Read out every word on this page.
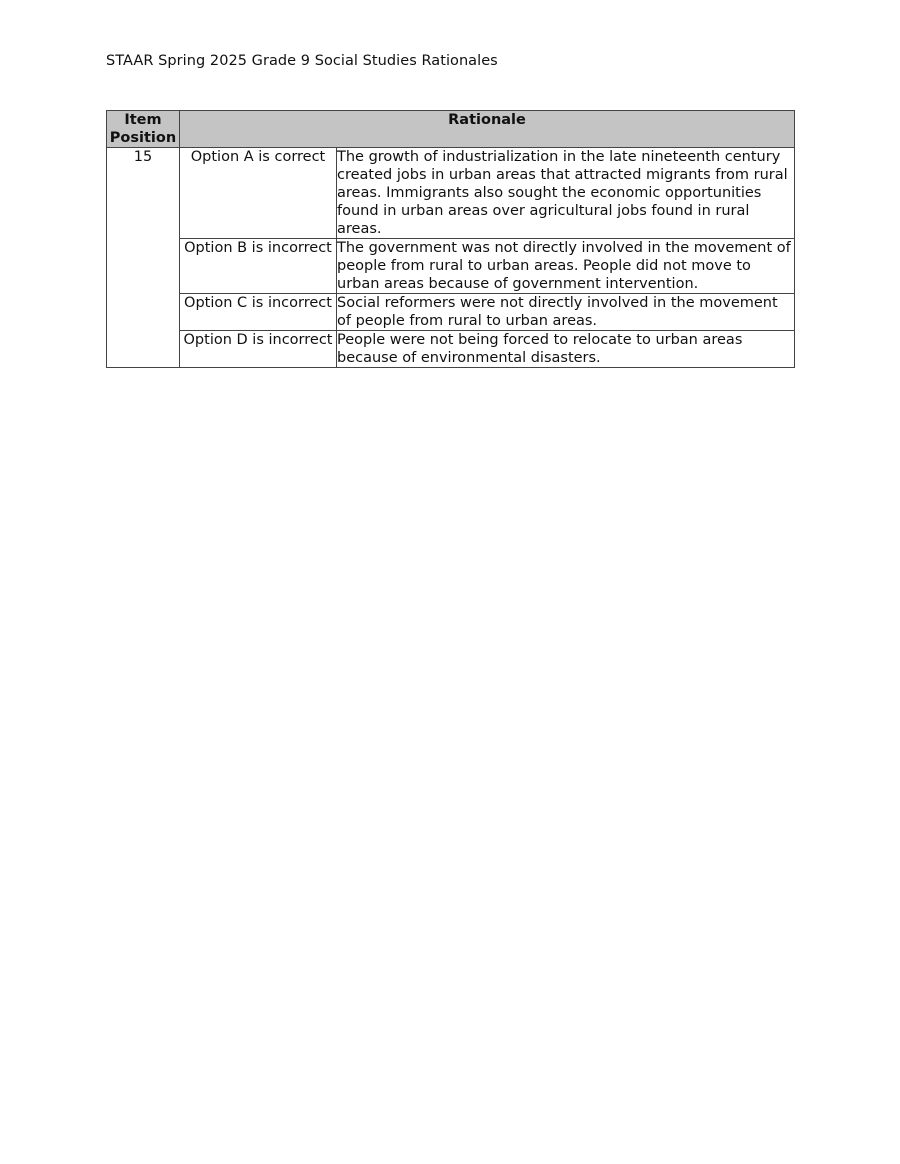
STAAR Spring 2025 Grade 9 Social Studies Rationales
Item
Position	Rationale	
15	Option A is correct	The growth of industrialization in the late nineteenth century created jobs in urban areas that attracted migrants from rural areas. Immigrants also sought the economic opportunities found in urban areas over agricultural jobs found in rural areas.
	Option B is incorrect	The government was not directly involved in the movement of people from rural to urban areas. People did not move to urban areas because of government intervention.
	Option C is incorrect	Social reformers were not directly involved in the movement of people from rural to urban areas.
	Option D is incorrect	People were not being forced to relocate to urban areas because of environmental disasters.
